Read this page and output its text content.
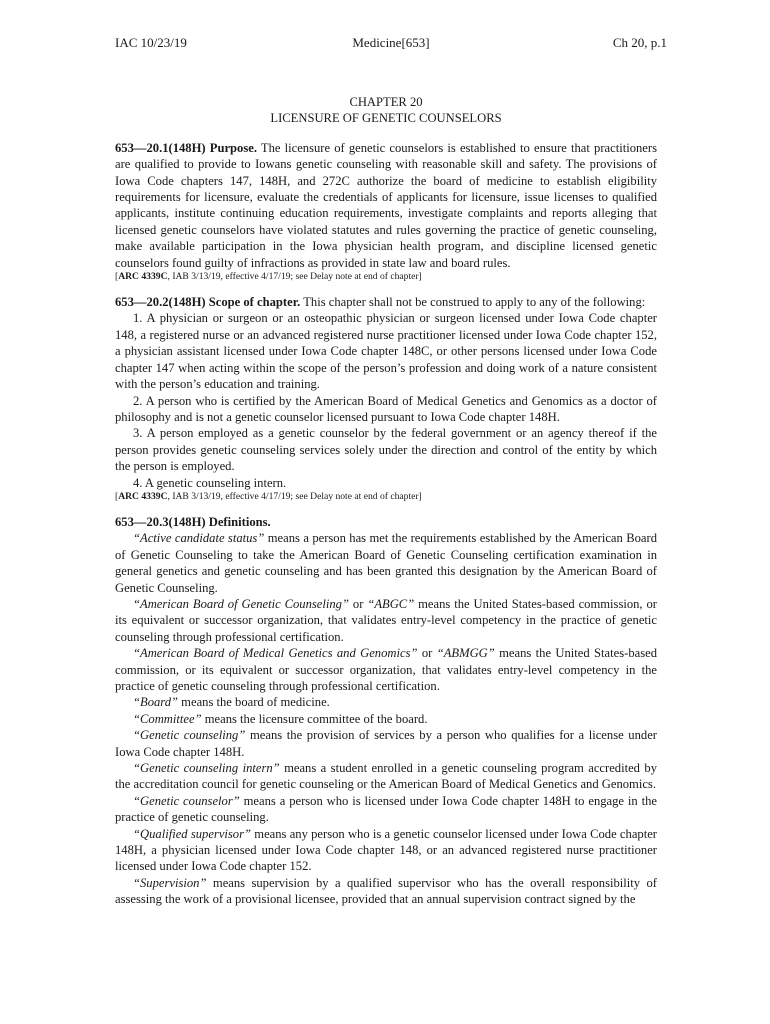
IAC 10/23/19	Medicine[653]	Ch 20, p.1

CHAPTER 20

LICENSURE OF GENETIC COUNSELORS

653—20.1(148H) Purpose. The licensure of genetic counselors is established to ensure that practitioners are qualified to provide to Iowans genetic counseling with reasonable skill and safety. The provisions of Iowa Code chapters 147, 148H, and 272C authorize the board of medicine to establish eligibility requirements for licensure, evaluate the credentials of applicants for licensure, issue licenses to qualified applicants, institute continuing education requirements, investigate complaints and reports alleging that licensed genetic counselors have violated statutes and rules governing the practice of genetic counseling, make available participation in the Iowa physician health program, and discipline licensed genetic counselors found guilty of infractions as provided in state law and board rules.

[ARC 4339C, IAB 3/13/19, effective 4/17/19; see Delay note at end of chapter]

653—20.2(148H) Scope of chapter. This chapter shall not be construed to apply to any of the following:

1. A physician or surgeon or an osteopathic physician or surgeon licensed under Iowa Code chapter 148, a registered nurse or an advanced registered nurse practitioner licensed under Iowa Code chapter 152, a physician assistant licensed under Iowa Code chapter 148C, or other persons licensed under Iowa Code chapter 147 when acting within the scope of the person’s profession and doing work of a nature consistent with the person’s education and training.

2. A person who is certified by the American Board of Medical Genetics and Genomics as a doctor of philosophy and is not a genetic counselor licensed pursuant to Iowa Code chapter 148H.

3. A person employed as a genetic counselor by the federal government or an agency thereof if the person provides genetic counseling services solely under the direction and control of the entity by which the person is employed.

4. A genetic counseling intern.

[ARC 4339C, IAB 3/13/19, effective 4/17/19; see Delay note at end of chapter]

653—20.3(148H) Definitions.

“Active candidate status” means a person has met the requirements established by the American Board of Genetic Counseling to take the American Board of Genetic Counseling certification examination in general genetics and genetic counseling and has been granted this designation by the American Board of Genetic Counseling.

“American Board of Genetic Counseling” or “ABGC” means the United States-based commission, or its equivalent or successor organization, that validates entry-level competency in the practice of genetic counseling through professional certification.

“American Board of Medical Genetics and Genomics” or “ABMGG” means the United States-based commission, or its equivalent or successor organization, that validates entry-level competency in the practice of genetic counseling through professional certification.

“Board” means the board of medicine.

“Committee” means the licensure committee of the board.

“Genetic counseling” means the provision of services by a person who qualifies for a license under Iowa Code chapter 148H.

“Genetic counseling intern” means a student enrolled in a genetic counseling program accredited by the accreditation council for genetic counseling or the American Board of Medical Genetics and Genomics.

“Genetic counselor” means a person who is licensed under Iowa Code chapter 148H to engage in the practice of genetic counseling.

“Qualified supervisor” means any person who is a genetic counselor licensed under Iowa Code chapter 148H, a physician licensed under Iowa Code chapter 148, or an advanced registered nurse practitioner licensed under Iowa Code chapter 152.

“Supervision” means supervision by a qualified supervisor who has the overall responsibility of assessing the work of a provisional licensee, provided that an annual supervision contract signed by the
